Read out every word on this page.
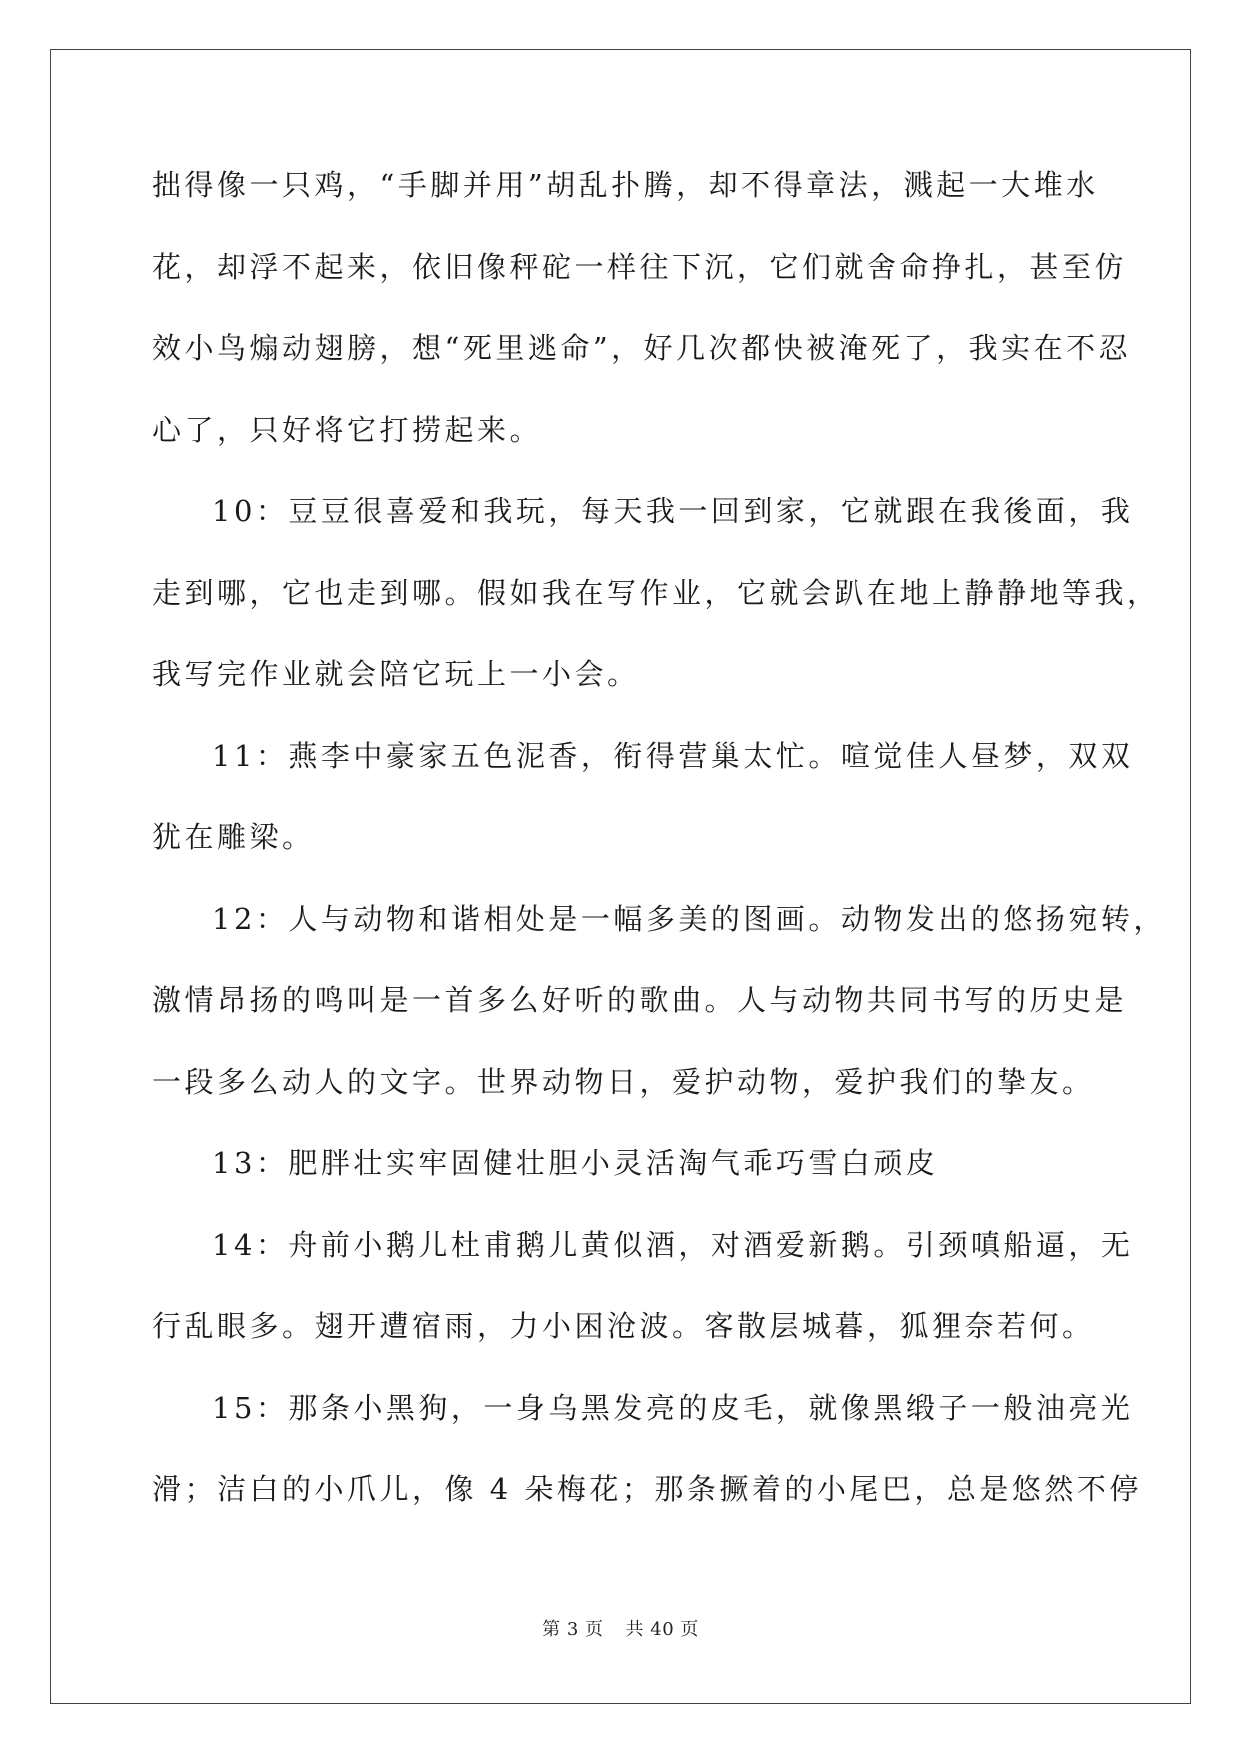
拙得像一只鸡，“手脚并用”胡乱扑腾，却不得章法，溅起一大堆水
花，却浮不起来，依旧像秤砣一样往下沉，它们就舍命挣扎，甚至仿
效小鸟煽动翅膀，想“死里逃命”，好几次都快被淹死了，我实在不忍
心了，只好将它打捞起来。
10：豆豆很喜爱和我玩，每天我一回到家，它就跟在我後面，我
走到哪，它也走到哪。假如我在写作业，它就会趴在地上静静地等我，
我写完作业就会陪它玩上一小会。
11：燕李中豪家五色泥香，衔得营巢太忙。喧觉佳人昼梦，双双
犹在雕梁。
12：人与动物和谐相处是一幅多美的图画。动物发出的悠扬宛转，
激情昂扬的鸣叫是一首多么好听的歌曲。人与动物共同书写的历史是
一段多么动人的文字。世界动物日，爱护动物，爱护我们的挚友。
13：肥胖壮实牢固健壮胆小灵活淘气乖巧雪白顽皮
14：舟前小鹅儿杜甫鹅儿黄似酒，对酒爱新鹅。引颈嗔船逼，无
行乱眼多。翅开遭宿雨，力小困沧波。客散层城暮，狐狸奈若何。
15：那条小黑狗，一身乌黑发亮的皮毛，就像黑缎子一般油亮光
滑；洁白的小爪儿，像 4 朵梅花；那条撅着的小尾巴，总是悠然不停
第 3 页 共 40 页
